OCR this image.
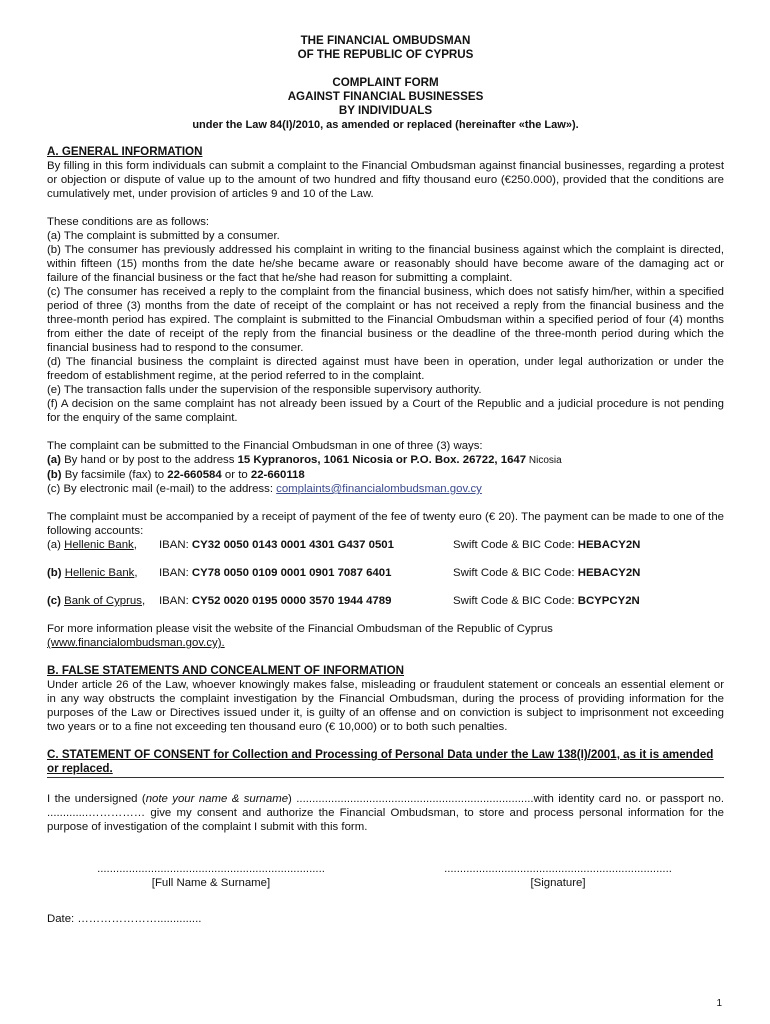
THE FINANCIAL OMBUDSMAN
OF THE REPUBLIC OF CYPRUS
COMPLAINT FORM
AGAINST FINANCIAL BUSINESSES
BY INDIVIDUALS
under the Law 84(I)/2010, as amended or replaced (hereinafter «the Law»).
A. GENERAL INFORMATION

By filling in this form individuals can submit a complaint to the Financial Ombudsman against financial businesses, regarding a protest or objection or dispute of value up to the amount of two hundred and fifty thousand euro (€250.000), provided that the conditions are cumulatively met, under provision of articles 9 and 10 of the Law.

These conditions are as follows:

(a) The complaint is submitted by a consumer.

(b) The consumer has previously addressed his complaint in writing to the financial business against which the complaint is directed, within fifteen (15) months from the date he/she became aware or reasonably should have become aware of the damaging act or failure of the financial business or the fact that he/she had reason for submitting a complaint.

(c) The consumer has received a reply to the complaint from the financial business, which does not satisfy him/her, within a specified period of three (3) months from the date of receipt of the complaint or has not received a reply from the financial business and the three-month period has expired. The complaint is submitted to the Financial Ombudsman within a specified period of four (4) months from either the date of receipt of the reply from the financial business or the deadline of the three-month period during which the financial business had to respond to the consumer.

(d) The financial business the complaint is directed against must have been in operation, under legal authorization or under the freedom of establishment regime, at the period referred to in the complaint.

(e) The transaction falls under the supervision of the responsible supervisory authority.

(f) A decision on the same complaint has not already been issued by a Court of the Republic and a judicial procedure is not pending for the enquiry of the same complaint.

The complaint can be submitted to the Financial Ombudsman in one of three (3) ways:

(a) By hand or by post to the address 15 Kypranoros, 1061 Nicosia or P.O. Box. 26722, 1647 Nicosia
(b) By facsimile (fax) to 22-660584 or to 22-660118
(c) By electronic mail (e-mail) to the address: complaints@financialombudsman.gov.cy

The complaint must be accompanied by a receipt of payment of the fee of twenty euro (€ 20). The payment can be made to one of the following accounts:

(a) Hellenic Bank,	IBAN: CY32 0050 0143 0001 4301 G437 0501	Swift Code & BIC Code: HEBACY2N
(b) Hellenic Bank,	IBAN: CY78 0050 0109 0001 0901 7087 6401	Swift Code & BIC Code: HEBACY2N
(c) Bank of Cyprus,	IBAN: CY52 0020 0195 0000 3570 1944 4789	Swift Code & BIC Code: BCYPCY2N

For more information please visit the website of the Financial Ombudsman of the Republic of Cyprus

(www.financialombudsman.gov.cy).
B. FALSE STATEMENTS AND CONCEALMENT OF INFORMATION

Under article 26 of the Law, whoever knowingly makes false, misleading or fraudulent statement or conceals an essential element or in any way obstructs the complaint investigation by the Financial Ombudsman, during the process of providing information for the purposes of the Law or Directives issued under it, is guilty of an offense and on conviction is subject to imprisonment not exceeding two years or to a fine not exceeding ten thousand euro (€ 10,000) or to both such penalties.

C. STATEMENT OF CONSENT for Collection and Processing of Personal Data under the Law 138(I)/2001, as it is amended or replaced.

I the undersigned (note your name & surname) ...........................................................................with identity card no. or passport no. .............…………… give my consent and authorize the Financial Ombudsman, to store and process personal information for the purpose of investigation of the complaint I submit with this form.

........................................................................
[Full Name & Surname]
........................................................................
[Signature]
Date: …………………..............
1
